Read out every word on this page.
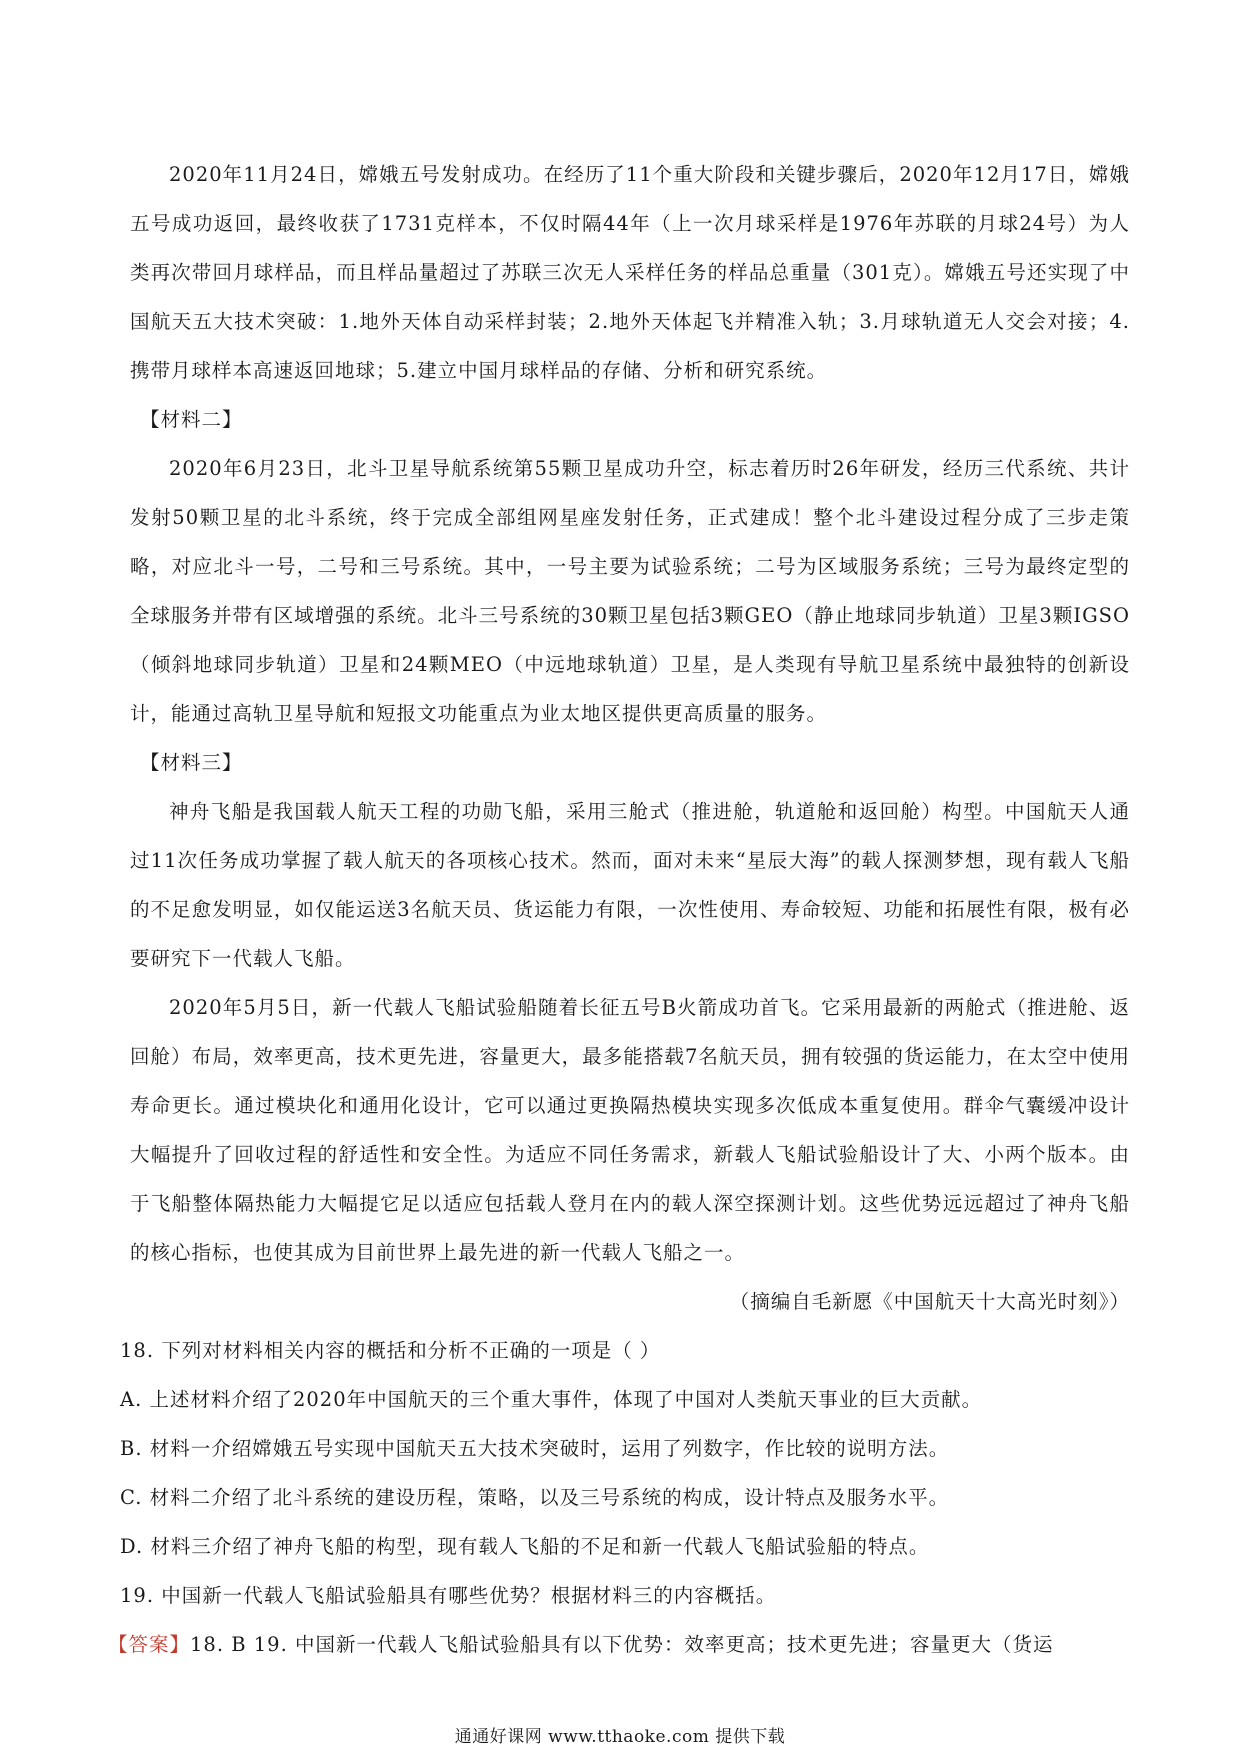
2020年11月24日，嫦娥五号发射成功。在经历了11个重大阶段和关键步骤后，2020年12月17日，嫦娥五号成功返回，最终收获了1731克样本，不仅时隔44年（上一次月球采样是1976年苏联的月球24号）为人类再次带回月球样品，而且样品量超过了苏联三次无人采样任务的样品总重量（301克）。嫦娥五号还实现了中国航天五大技术突破：1.地外天体自动采样封装；2.地外天体起飞并精准入轨；3.月球轨道无人交会对接；4.携带月球样本高速返回地球；5.建立中国月球样品的存储、分析和研究系统。

【材料二】

2020年6月23日，北斗卫星导航系统第55颗卫星成功升空，标志着历时26年研发，经历三代系统、共计发射50颗卫星的北斗系统，终于完成全部组网星座发射任务，正式建成！整个北斗建设过程分成了三步走策略，对应北斗一号，二号和三号系统。其中，一号主要为试验系统；二号为区域服务系统；三号为最终定型的全球服务并带有区域增强的系统。北斗三号系统的30颗卫星包括3颗GEO（静止地球同步轨道）卫星3颗IGSO（倾斜地球同步轨道）卫星和24颗MEO（中远地球轨道）卫星，是人类现有导航卫星系统中最独特的创新设计，能通过高轨卫星导航和短报文功能重点为业太地区提供更高质量的服务。

【材料三】

神舟飞船是我国载人航天工程的功勋飞船，采用三舱式（推进舱，轨道舱和返回舱）构型。中国航天人通过11次任务成功掌握了载人航天的各项核心技术。然而，面对未来“星辰大海”的载人探测梦想，现有载人飞船的不足愈发明显，如仅能运送3名航天员、货运能力有限，一次性使用、寿命较短、功能和拓展性有限，极有必要研究下一代载人飞船。

2020年5月5日，新一代载人飞船试验船随着长征五号B火箭成功首飞。它采用最新的两舱式（推进舱、返回舱）布局，效率更高，技术更先进，容量更大，最多能搭载7名航天员，拥有较强的货运能力，在太空中使用寿命更长。通过模块化和通用化设计，它可以通过更换隔热模块实现多次低成本重复使用。群伞气囊缓冲设计大幅提升了回收过程的舒适性和安全性。为适应不同任务需求，新载人飞船试验船设计了大、小两个版本。由于飞船整体隔热能力大幅提它足以适应包括载人登月在内的载人深空探测计划。这些优势远远超过了神舟飞船的核心指标，也使其成为目前世界上最先进的新一代载人飞船之一。

（摘编自毛新愿《中国航天十大高光时刻》）

18. 下列对材料相关内容的概括和分析不正确的一项是（ ）

A. 上述材料介绍了2020年中国航天的三个重大事件，体现了中国对人类航天事业的巨大贡献。

B. 材料一介绍嫦娥五号实现中国航天五大技术突破时，运用了列数字，作比较的说明方法。

C. 材料二介绍了北斗系统的建设历程，策略，以及三号系统的构成，设计特点及服务水平。

D. 材料三介绍了神舟飞船的构型，现有载人飞船的不足和新一代载人飞船试验船的特点。

19. 中国新一代载人飞船试验船具有哪些优势？根据材料三的内容概括。

【答案】18. B 19. 中国新一代载人飞船试验船具有以下优势：效率更高；技术更先进；容量更大（货运

通通好课网 www.tthaoke.com 提供下载
